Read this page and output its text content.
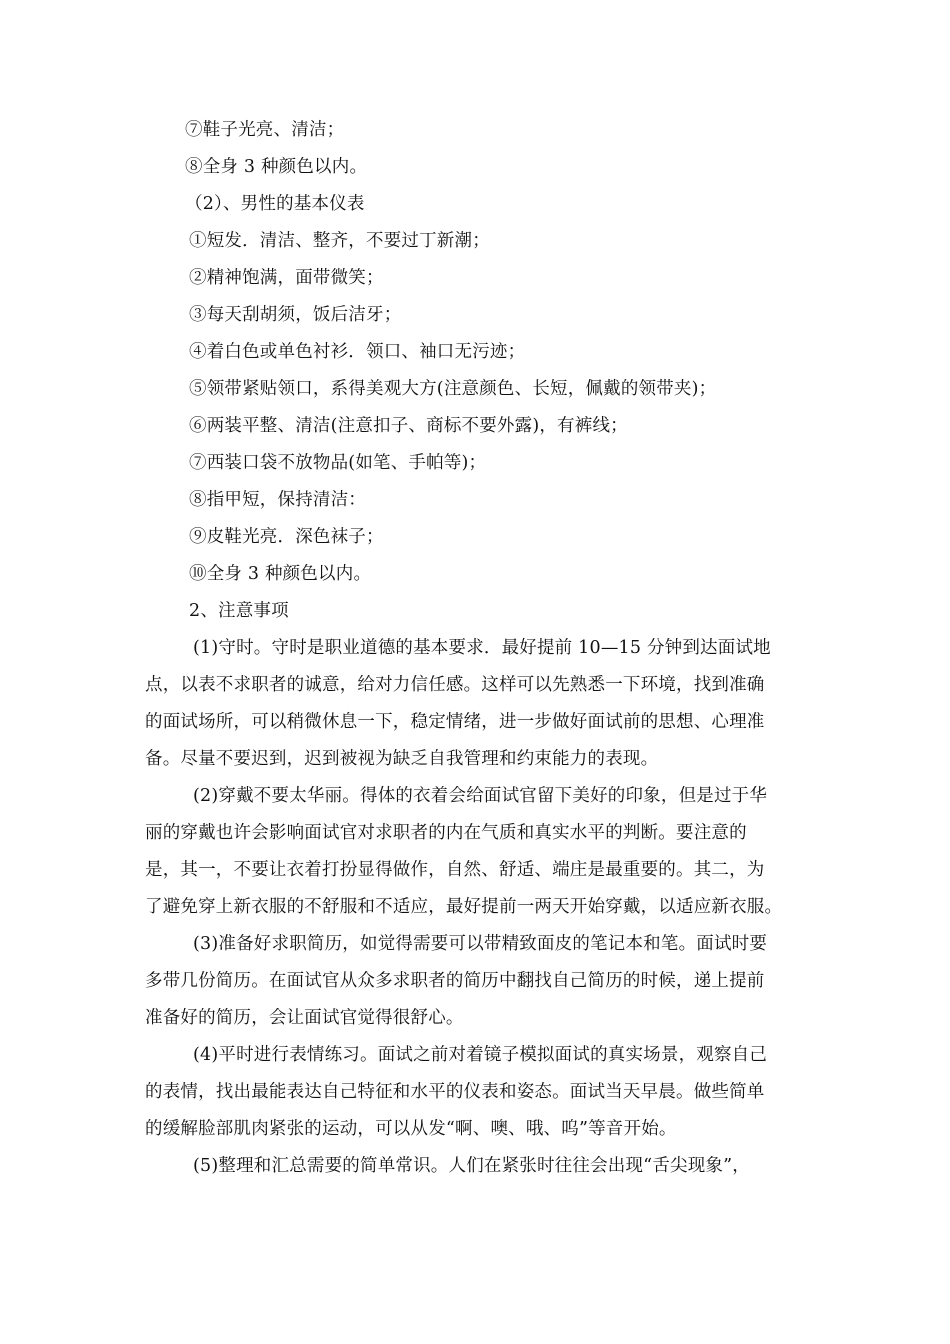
⑦鞋子光亮、清洁；
⑧全身 3 种颜色以内。
（2）、男性的基本仪表
①短发．清洁、整齐，不要过丁新潮；
②精神饱满，面带微笑；
③每天刮胡须，饭后洁牙；
④着白色或单色衬衫．领口、袖口无污迹；
⑤领带紧贴领口，系得美观大方(注意颜色、长短，佩戴的领带夹)；
⑥两装平整、清洁(注意扣子、商标不要外露)，有裤线；
⑦西装口袋不放物品(如笔、手帕等)；
⑧指甲短，保持清洁：
⑨皮鞋光亮．深色袜子；
⑩全身 3 种颜色以内。
2、注意事项
(1)守时。守时是职业道德的基本要求．最好提前 10—15 分钟到达面试地
点，以表不求职者的诚意，给对力信任感。这样可以先熟悉一下环境，找到准确
的面试场所，可以稍微休息一下，稳定情绪，进一步做好面试前的思想、心理准
备。尽量不要迟到，迟到被视为缺乏自我管理和约束能力的表现。
(2)穿戴不要太华丽。得体的衣着会给面试官留下美好的印象，但是过于华
丽的穿戴也许会影响面试官对求职者的内在气质和真实水平的判断。要注意的
是，其一，不要让衣着打扮显得做作，自然、舒适、端庄是最重要的。其二，为
了避免穿上新衣服的不舒服和不适应，最好提前一两天开始穿戴，以适应新衣服。
(3)准备好求职简历，如觉得需要可以带精致面皮的笔记本和笔。面试时要
多带几份简历。在面试官从众多求职者的简历中翻找自己简历的时候，递上提前
准备好的简历，会让面试官觉得很舒心。
(4)平时进行表情练习。面试之前对着镜子模拟面试的真实场景，观察自己
的表情，找出最能表达自己特征和水平的仪表和姿态。面试当天早晨。做些简单
的缓解脸部肌肉紧张的运动，可以从发“啊、噢、哦、呜”等音开始。
(5)整理和汇总需要的简单常识。人们在紧张时往往会出现“舌尖现象”，
